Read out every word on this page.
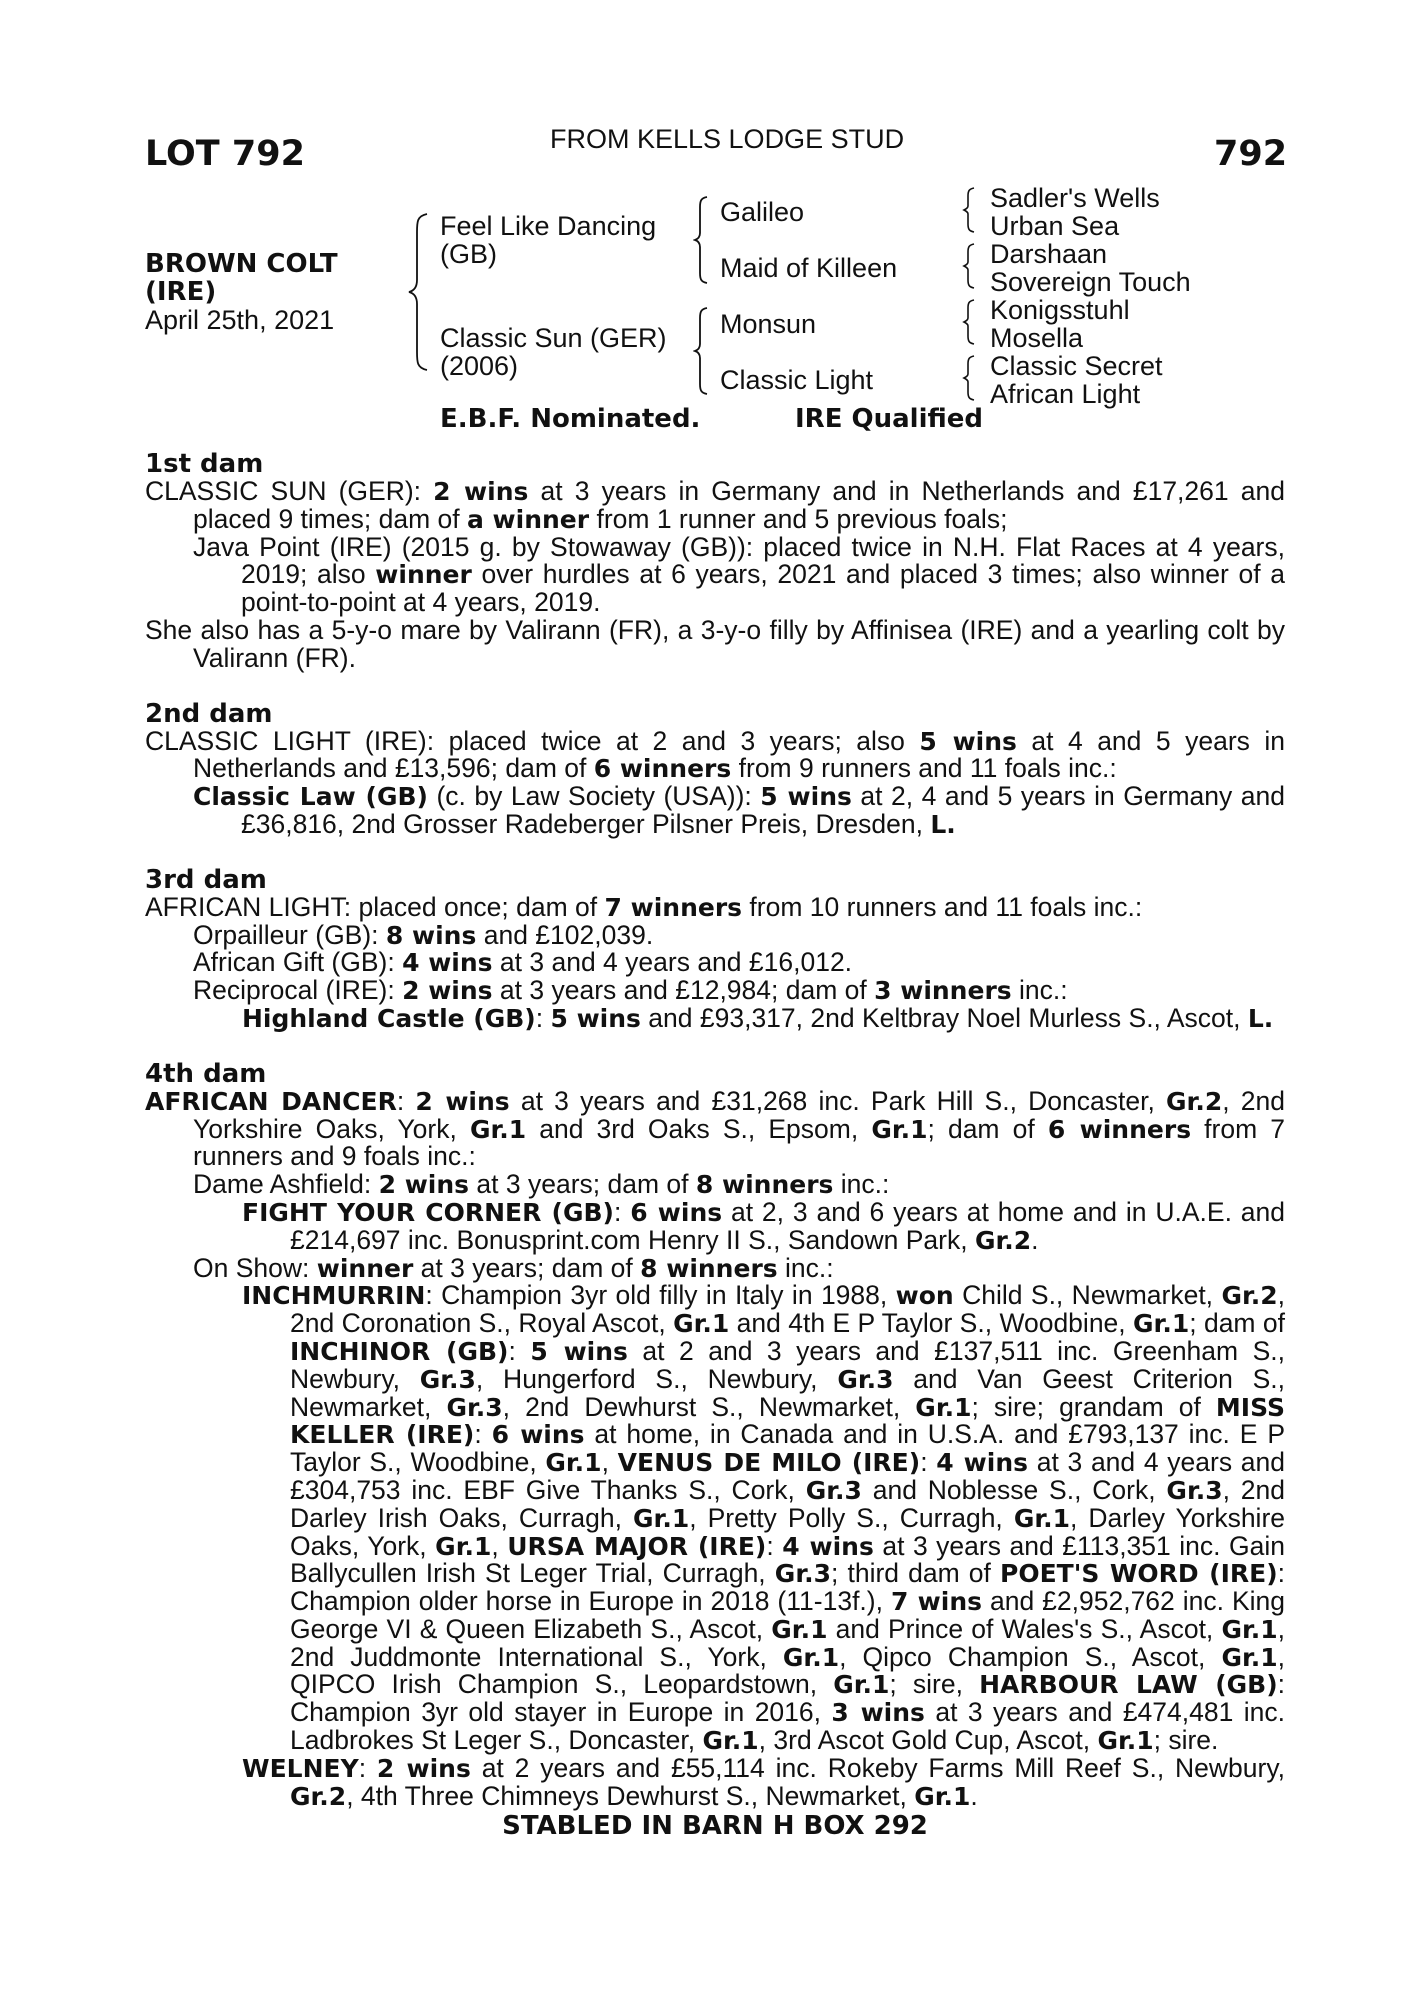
LOT 792	FROM KELLS LODGE STUD	792
BROWN COLT
(IRE)
April 25th, 2021
Feel Like Dancing
(GB)
Classic Sun (GER)
(2006)
Galileo
Maid of Killeen
Monsun
Classic Light
Sadler's Wells
Urban Sea
Darshaan
Sovereign Touch
Konigsstuhl
Mosella
Classic Secret
African Light
E.B.F. Nominated.	IRE Qualified
1st dam
CLASSIC SUN (GER): 2 wins at 3 years in Germany and in Netherlands and £17,261 and placed 9 times; dam of a winner from 1 runner and 5 previous foals;
Java Point (IRE) (2015 g. by Stowaway (GB)): placed twice in N.H. Flat Races at 4 years, 2019; also winner over hurdles at 6 years, 2021 and placed 3 times; also winner of a point-to-point at 4 years, 2019.
She also has a 5-y-o mare by Valirann (FR), a 3-y-o filly by Affinisea (IRE) and a yearling colt by Valirann (FR).
2nd dam
CLASSIC LIGHT (IRE): placed twice at 2 and 3 years; also 5 wins at 4 and 5 years in Netherlands and £13,596; dam of 6 winners from 9 runners and 11 foals inc.:
Classic Law (GB) (c. by Law Society (USA)): 5 wins at 2, 4 and 5 years in Germany and £36,816, 2nd Grosser Radeberger Pilsner Preis, Dresden, L.
3rd dam
AFRICAN LIGHT: placed once; dam of 7 winners from 10 runners and 11 foals inc.:
Orpailleur (GB): 8 wins and £102,039.
African Gift (GB): 4 wins at 3 and 4 years and £16,012.
Reciprocal (IRE): 2 wins at 3 years and £12,984; dam of 3 winners inc.:
Highland Castle (GB): 5 wins and £93,317, 2nd Keltbray Noel Murless S., Ascot, L.
4th dam
AFRICAN DANCER: 2 wins at 3 years and £31,268 inc. Park Hill S., Doncaster, Gr.2, 2nd Yorkshire Oaks, York, Gr.1 and 3rd Oaks S., Epsom, Gr.1; dam of 6 winners from 7 runners and 9 foals inc.:
Dame Ashfield: 2 wins at 3 years; dam of 8 winners inc.:
FIGHT YOUR CORNER (GB): 6 wins at 2, 3 and 6 years at home and in U.A.E. and £214,697 inc. Bonusprint.com Henry II S., Sandown Park, Gr.2.
On Show: winner at 3 years; dam of 8 winners inc.:
INCHMURRIN: Champion 3yr old filly in Italy in 1988, won Child S., Newmarket, Gr.2, 2nd Coronation S., Royal Ascot, Gr.1 and 4th E P Taylor S., Woodbine, Gr.1; dam of INCHINOR (GB): 5 wins at 2 and 3 years and £137,511 inc. Greenham S., Newbury, Gr.3, Hungerford S., Newbury, Gr.3 and Van Geest Criterion S., Newmarket, Gr.3, 2nd Dewhurst S., Newmarket, Gr.1; sire; grandam of MISS KELLER (IRE): 6 wins at home, in Canada and in U.S.A. and £793,137 inc. E P Taylor S., Woodbine, Gr.1, VENUS DE MILO (IRE): 4 wins at 3 and 4 years and £304,753 inc. EBF Give Thanks S., Cork, Gr.3 and Noblesse S., Cork, Gr.3, 2nd Darley Irish Oaks, Curragh, Gr.1, Pretty Polly S., Curragh, Gr.1, Darley Yorkshire Oaks, York, Gr.1, URSA MAJOR (IRE): 4 wins at 3 years and £113,351 inc. Gain Ballycullen Irish St Leger Trial, Curragh, Gr.3; third dam of POET'S WORD (IRE): Champion older horse in Europe in 2018 (11-13f.), 7 wins and £2,952,762 inc. King George VI & Queen Elizabeth S., Ascot, Gr.1 and Prince of Wales's S., Ascot, Gr.1, 2nd Juddmonte International S., York, Gr.1, Qipco Champion S., Ascot, Gr.1, QIPCO Irish Champion S., Leopardstown, Gr.1; sire, HARBOUR LAW (GB): Champion 3yr old stayer in Europe in 2016, 3 wins at 3 years and £474,481 inc. Ladbrokes St Leger S., Doncaster, Gr.1, 3rd Ascot Gold Cup, Ascot, Gr.1; sire.
WELNEY: 2 wins at 2 years and £55,114 inc. Rokeby Farms Mill Reef S., Newbury, Gr.2, 4th Three Chimneys Dewhurst S., Newmarket, Gr.1.
STABLED IN BARN H BOX 292
